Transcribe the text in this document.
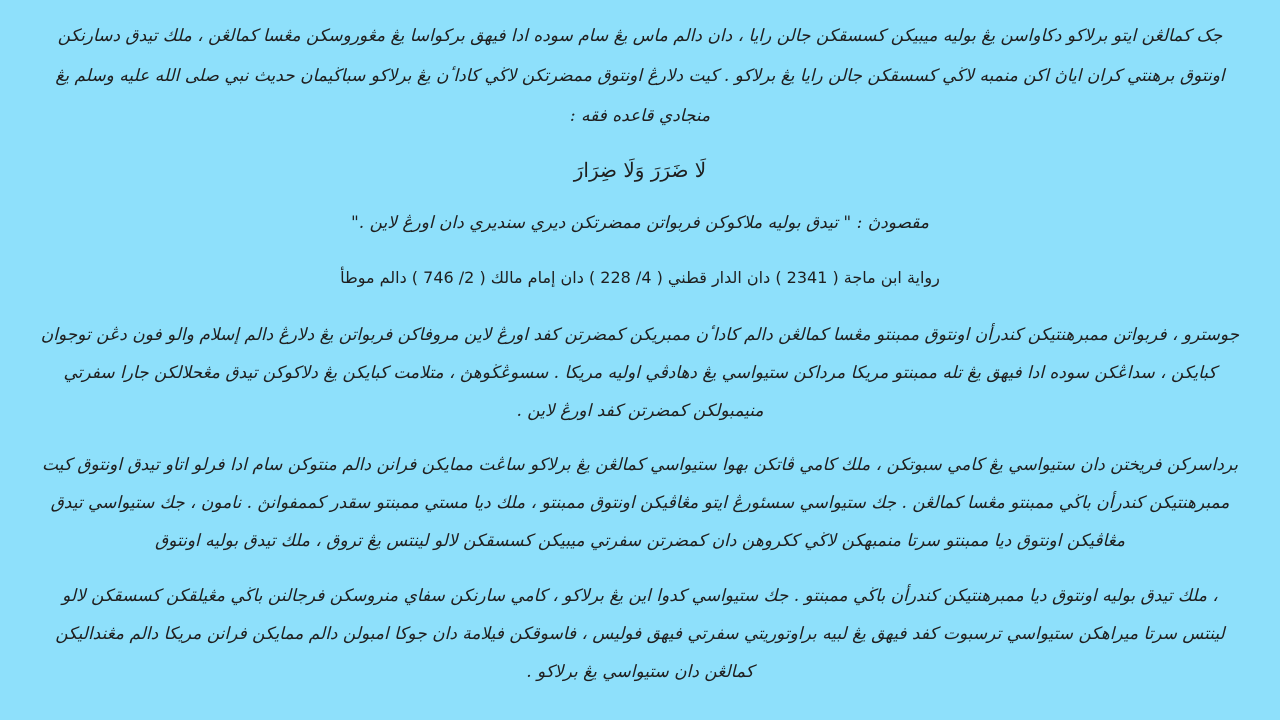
جک كمالڠن ايتو برلاكو دكاواسن يڠ بوليه ميبيكن كسسقكن جالن رايا ، دان دالم ماس يڠ سام سوده ادا فيهق برکواسا يڠ مڠوروسكن مڠسا كمالڠن ، ملك تيدق دسارنكن اونتوق برهنتي كران اياڽ اكن منمبه لاڬي كسسقكن جالن رايا يڠ برلاكو . كيت دلارڠ اونتوق ممضرتكن لاڬي كاداٴن يڠ برلاكو سباڬيمان حديث نبي صلى الله عليه وسلم يڠ منجادي قاعده فقه :

لَا ضَرَرَ وَلَا ضِرَارَ

مقصودڽ : " تيدق بوليه ملاكوكن فربواتن ممضرتكن ديري سنديري دان اورڠ لاين ."

رواية ابن ماجة ( 2341 ) دان الدار قطني ( 4/ 228 ) دان إمام مالك ( 2/ 746 ) دالم موطأ

جوسترو ، فربواتن ممبرهنتيكن كندرأن اونتوق ممبنتو مڠسا كمالڠن دالم كاداٴن ممبريكن كمضرتن كفد اورڠ لاين مروفاكن فربواتن يڠ دلارڠ دالم إسلام والو فون دڠن توجوان كبايكن ، سداڠكن سوده ادا فيهق يڠ تله ممبنتو مريكا مرداكن ستيواسي يڠ دهادڤي اوليه مريكا . سسوڠڬوهڽ ، متلامت كبايكن يڠ دلاكوكن تيدق مڠحلالكن جارا سفرتي منيمبولكن كمضرتن كفد اورڠ لاين .

برداسركن فريختن دان ستيواسي يڠ كامي سبوتكن ، ملك كامي ڤاتكن بهوا ستيواسي كمالڠن يڠ برلاكو ساڠت ممايكن فرانن دالم منتوكن سام ادا فرلو اتاو تيدق اونتوق كيت ممبرهنتيكن كندرأن باڬي ممبنتو مڠسا كمالڠن . جك ستيواسي سسئورڠ ايتو مڠاڤيكن اونتوق ممبنتو ، ملك ديا مستي ممبنتو سقدر كممفوانڽ . نامون ، جك ستيواسي تيدق مڠاڤيكن اونتوق ديا ممبنتو سرتا منمبهكن لاڬي ككروهن دان كمضرتن سفرتي ميبيكن كسسقكن لالو لينتس يڠ تروق ، ملك تيدق بوليه اونتوق

، ملك تيدق بوليه اونتوق ديا ممبرهنتيكن كندرأن باڬي ممبنتو . جك ستيواسي كدوا اين يڠ برلاكو ، كامي سارنكن سفاي منروسكن فرجالنن باڬي مڠيلقكن كسسقكن لالو لينتس سرتا ميراهكن ستيواسي ترسبوت كفد فيهق يڠ لبيه براوتوريتي سفرتي فيهق فوليس ، فاسوقكن فيلامة دان جوكا امبولن دالم ممايكن فرانن مريكا دالم مڠنداليكن كمالڠن دان ستيواسي يڠ برلاكو .
